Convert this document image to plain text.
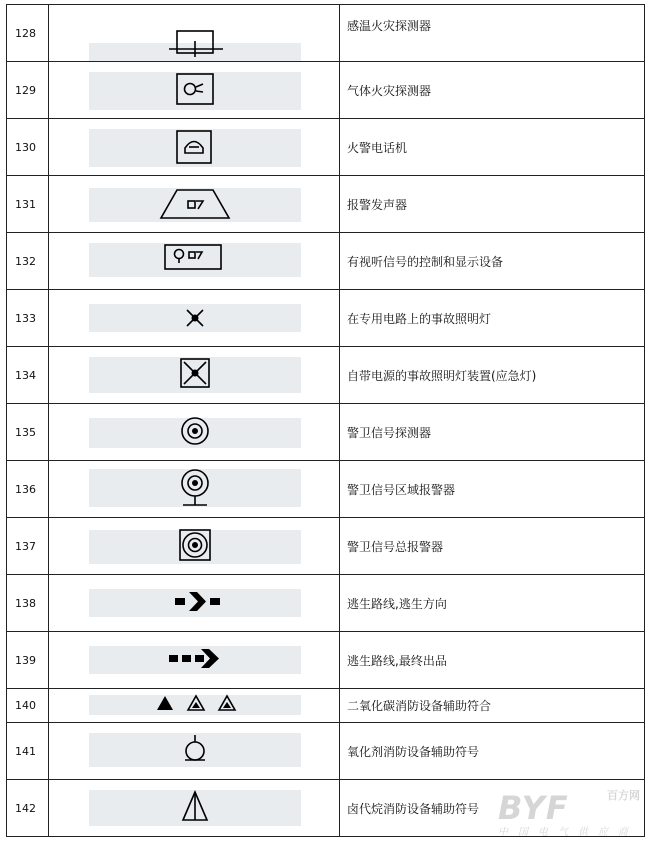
128		感温火灾探测器
129		气体火灾探测器
130		火警电话机
131		报警发声器
132		有视听信号的控制和显示设备
133		在专用电路上的事故照明灯
134		自带电源的事故照明灯装置(应急灯)
135		警卫信号探测器
136		警卫信号区域报警器
137		警卫信号总报警器
138		逃生路线,逃生方向
139		逃生路线,最终出品
140		二氧化碳消防设备辅助符合
141		氧化剂消防设备辅助符号
142		卤代烷消防设备辅助符号 BYF	百方网
中国电气供应商
